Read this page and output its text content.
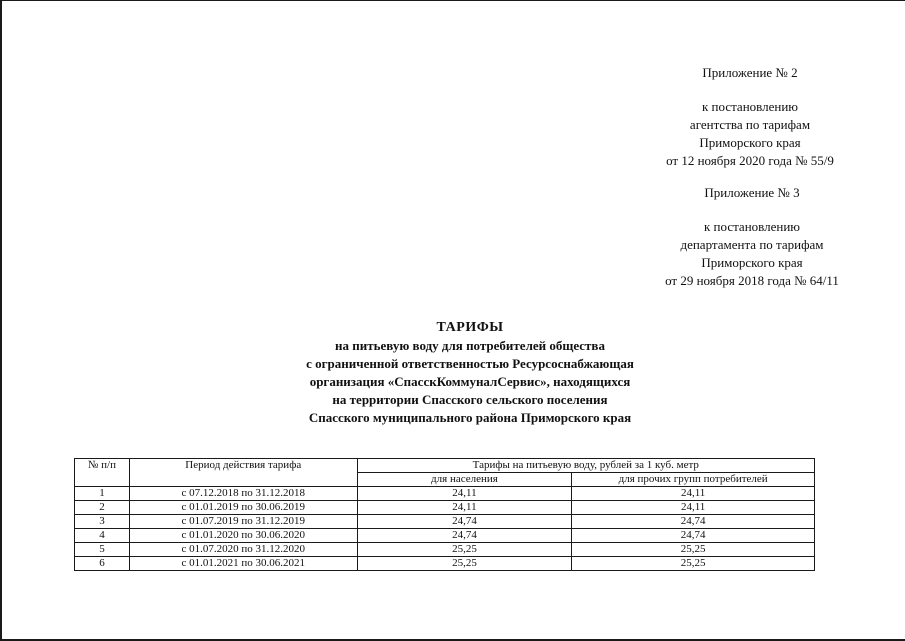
Приложение № 2
к постановлению
агентства по тарифам
Приморского края
от 12 ноября 2020 года № 55/9
Приложение № 3
к постановлению
департамента по тарифам
Приморского края
от 29 ноября 2018 года № 64/11
ТАРИФЫ
на питьевую воду для потребителей общества
с ограниченной ответственностью Ресурсоснабжающая
организация «СпасскКоммуналСервис», находящихся
на территории Спасского сельского поселения
Спасского муниципального района Приморского края
№ п/п	Период действия тарифа	Тарифы на питьевую воду, рублей за 1 куб. метр	
		для населения	для прочих групп потребителей
1	с 07.12.2018 по 31.12.2018	24,11	24,11
2	с 01.01.2019 по 30.06.2019	24,11	24,11
3	с 01.07.2019 по 31.12.2019	24,74	24,74
4	с 01.01.2020 по 30.06.2020	24,74	24,74
5	с 01.07.2020 по 31.12.2020	25,25	25,25
6	с 01.01.2021 по 30.06.2021	25,25	25,25
